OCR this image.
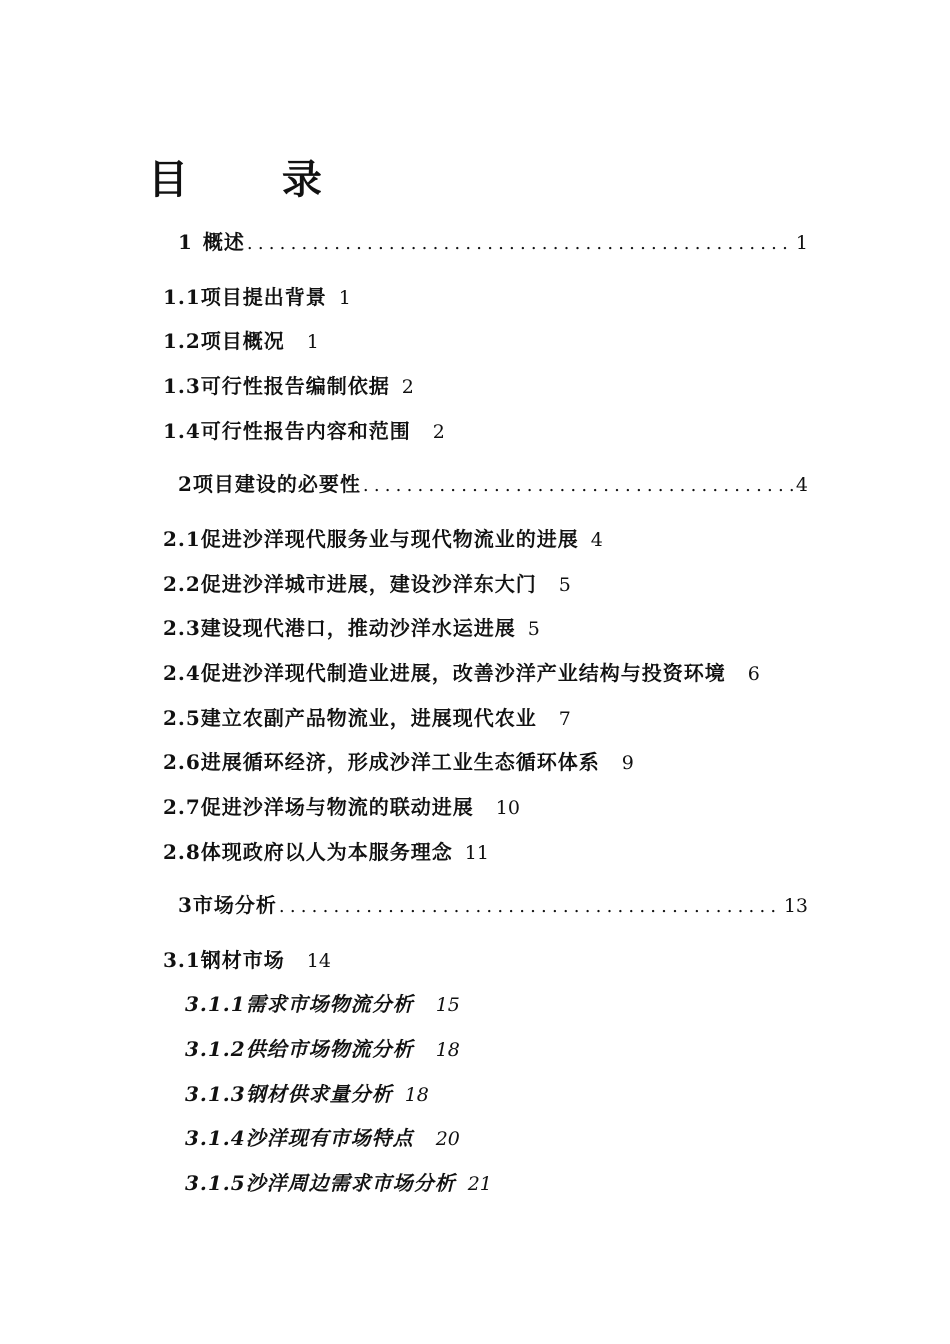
目 录
1 概述 .....	1
1.1项目提出背景 1
1.2项目概况 1
1.3可行性报告编制依据 2
1.4可行性报告内容和范围 2
2 项目建设的必要性 .....	4
2.1促进沙洋现代服务业与现代物流业的进展 4
2.2促进沙洋城市进展，建设沙洋东大门 5
2.3建设现代港口，推动沙洋水运进展 5
2.4促进沙洋现代制造业进展，改善沙洋产业结构与投资环境 6
2.5建立农副产品物流业，进展现代农业 7
2.6进展循环经济，形成沙洋工业生态循环体系 9
2.7促进沙洋场与物流的联动进展 10
2.8体现政府以人为本服务理念 11
3 市场分析 .....	13
3.1钢材市场 14
3.1.1需求市场物流分析 15
3.1.2供给市场物流分析 18
3.1.3钢材供求量分析 18
3.1.4沙洋现有市场特点 20
3.1.5沙洋周边需求市场分析 21
